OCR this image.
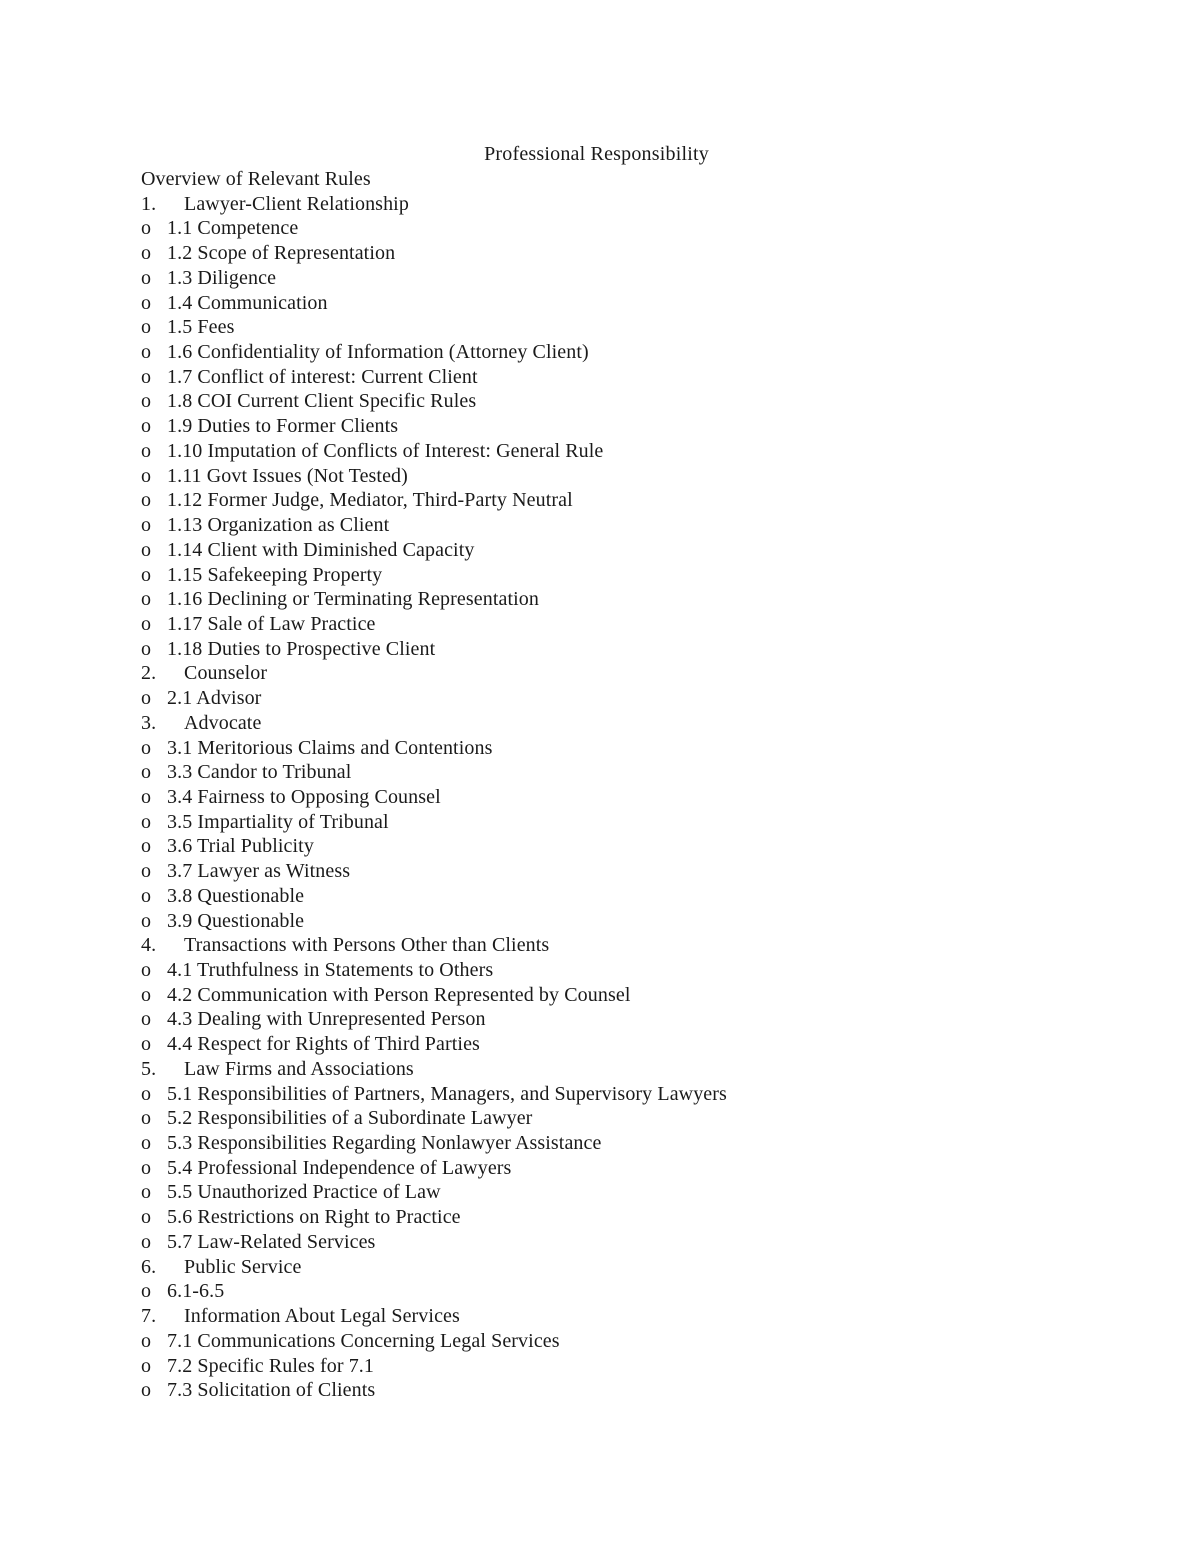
Professional Responsibility
Overview of Relevant Rules
1. Lawyer-Client Relationship
o 1.1 Competence
o 1.2 Scope of Representation
o 1.3 Diligence
o 1.4 Communication
o 1.5 Fees
o 1.6 Confidentiality of Information (Attorney Client)
o 1.7 Conflict of interest: Current Client
o 1.8 COI Current Client Specific Rules
o 1.9 Duties to Former Clients
o 1.10 Imputation of Conflicts of Interest: General Rule
o 1.11 Govt Issues (Not Tested)
o 1.12 Former Judge, Mediator, Third-Party Neutral
o 1.13 Organization as Client
o 1.14 Client with Diminished Capacity
o 1.15 Safekeeping Property
o 1.16 Declining or Terminating Representation
o 1.17 Sale of Law Practice
o 1.18 Duties to Prospective Client
2. Counselor
o 2.1 Advisor
3. Advocate
o 3.1 Meritorious Claims and Contentions
o 3.3 Candor to Tribunal
o 3.4 Fairness to Opposing Counsel
o 3.5 Impartiality of Tribunal
o 3.6 Trial Publicity
o 3.7 Lawyer as Witness
o 3.8 Questionable
o 3.9 Questionable
4. Transactions with Persons Other than Clients
o 4.1 Truthfulness in Statements to Others
o 4.2 Communication with Person Represented by Counsel
o 4.3 Dealing with Unrepresented Person
o 4.4 Respect for Rights of Third Parties
5. Law Firms and Associations
o 5.1 Responsibilities of Partners, Managers, and Supervisory Lawyers
o 5.2 Responsibilities of a Subordinate Lawyer
o 5.3 Responsibilities Regarding Nonlawyer Assistance
o 5.4 Professional Independence of Lawyers
o 5.5 Unauthorized Practice of Law
o 5.6 Restrictions on Right to Practice
o 5.7 Law-Related Services
6. Public Service
o 6.1-6.5
7. Information About Legal Services
o 7.1 Communications Concerning Legal Services
o 7.2 Specific Rules for 7.1
o 7.3 Solicitation of Clients
